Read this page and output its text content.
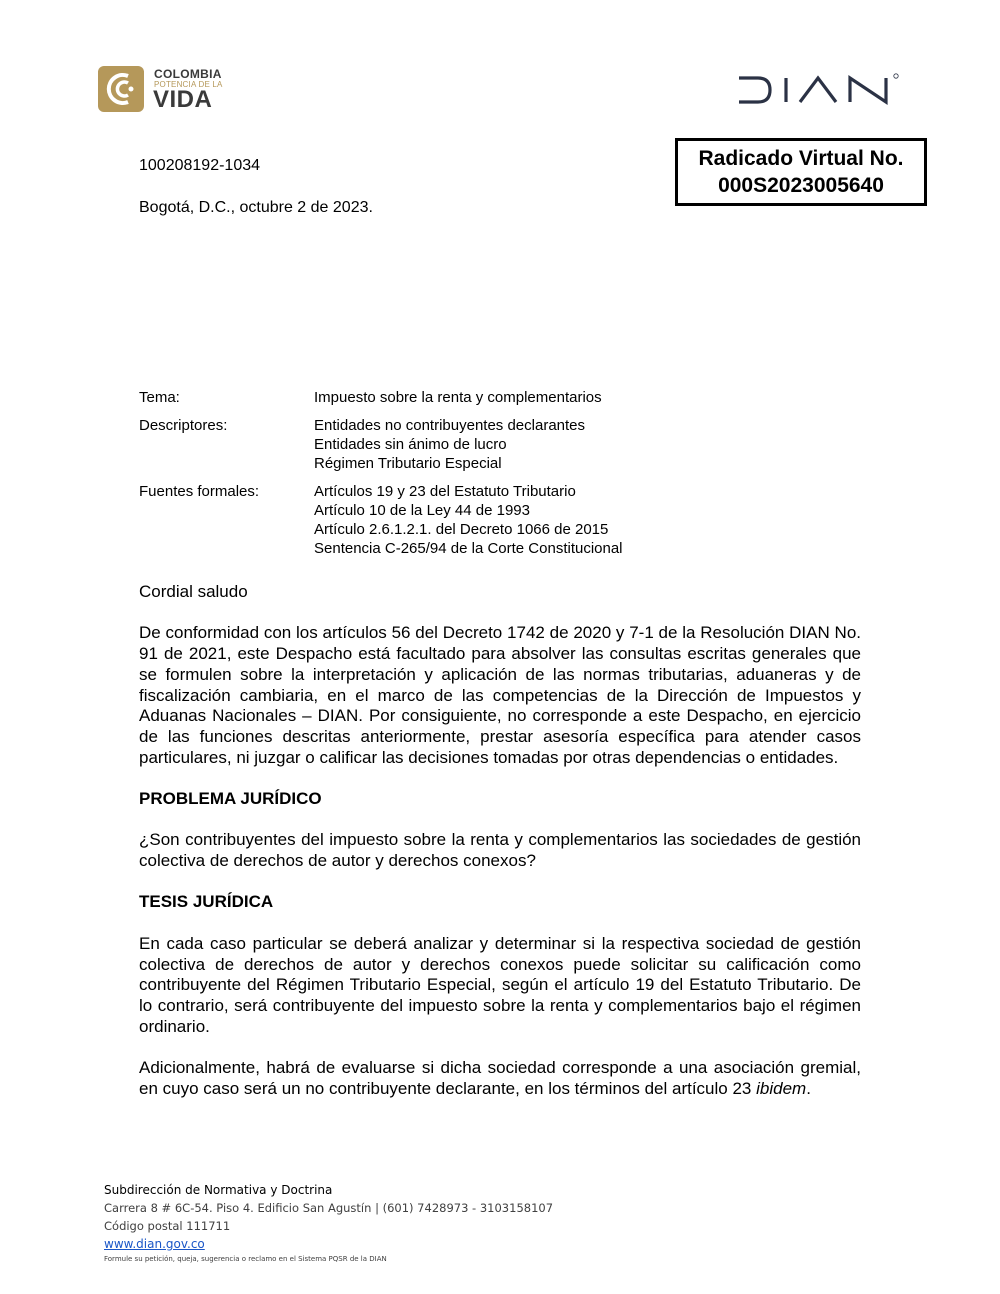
COLOMBIA
POTENCIA DE LA
VIDA
Radicado Virtual No.
000S2023005640
100208192-1034
Bogotá, D.C., octubre 2 de 2023.
Tema:	Impuesto sobre la renta y complementarios
Descriptores:	Entidades no contribuyentes declarantes
Entidades sin ánimo de lucro
Régimen Tributario Especial
Fuentes formales:	Artículos 19 y 23 del Estatuto Tributario
Artículo 10 de la Ley 44 de 1993
Artículo 2.6.1.2.1. del Decreto 1066 de 2015
Sentencia C-265/94 de la Corte Constitucional

Cordial saludo

De conformidad con los artículos 56 del Decreto 1742 de 2020 y 7-1 de la Resolución DIAN No. 91 de 2021, este Despacho está facultado para absolver las consultas escritas generales que se formulen sobre la interpretación y aplicación de las normas tributarias, aduaneras y de fiscalización cambiaria, en el marco de las competencias de la Dirección de Impuestos y Aduanas Nacionales – DIAN. Por consiguiente, no corresponde a este Despacho, en ejercicio de las funciones descritas anteriormente, prestar asesoría específica para atender casos particulares, ni juzgar o calificar las decisiones tomadas por otras dependencias o entidades.

PROBLEMA JURÍDICO

¿Son contribuyentes del impuesto sobre la renta y complementarios las sociedades de gestión colectiva de derechos de autor y derechos conexos?

TESIS JURÍDICA

En cada caso particular se deberá analizar y determinar si la respectiva sociedad de gestión colectiva de derechos de autor y derechos conexos puede solicitar su calificación como contribuyente del Régimen Tributario Especial, según el artículo 19 del Estatuto Tributario. De lo contrario, será contribuyente del impuesto sobre la renta y complementarios bajo el régimen ordinario.

Adicionalmente, habrá de evaluarse si dicha sociedad corresponde a una asociación gremial, en cuyo caso será un no contribuyente declarante, en los términos del artículo 23 ibidem.

Subdirección de Normativa y Doctrina
Carrera 8 # 6C-54. Piso 4. Edificio San Agustín | (601) 7428973 - 3103158107
Código postal 111711
www.dian.gov.co
Formule su petición, queja, sugerencia o reclamo en el Sistema PQSR de la DIAN
